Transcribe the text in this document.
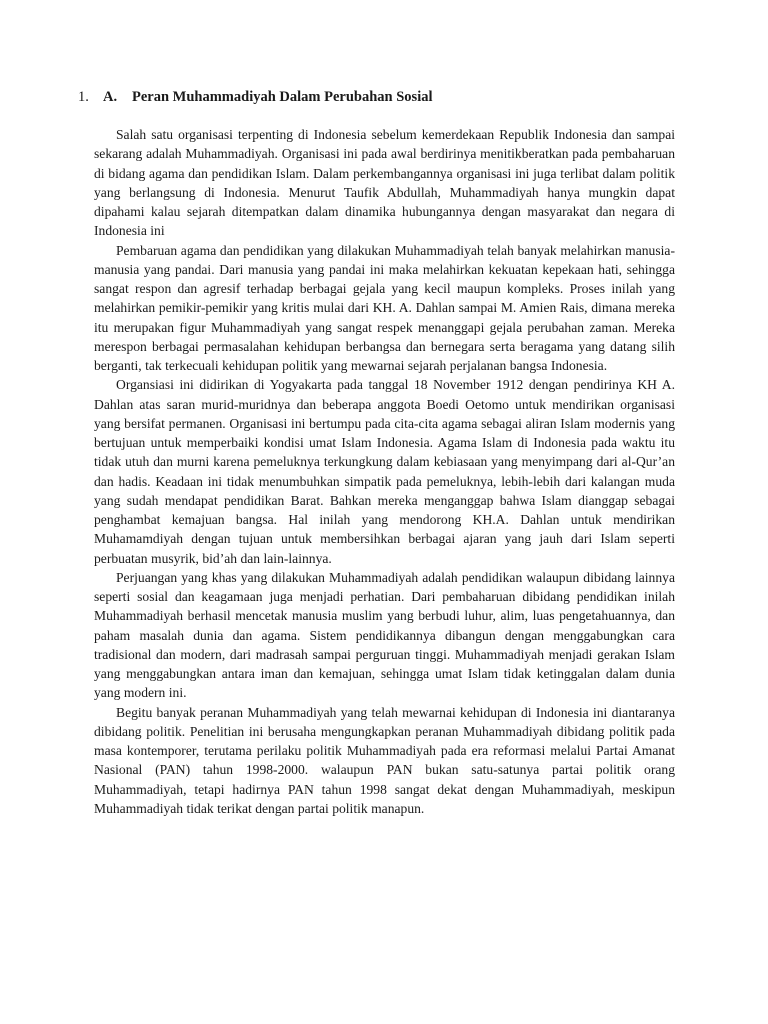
1. A. Peran Muhammadiyah Dalam Perubahan Sosial

Salah satu organisasi terpenting di Indonesia sebelum kemerdekaan Republik Indonesia dan sampai sekarang adalah Muhammadiyah. Organisasi ini pada awal berdirinya menitikberatkan pada pembaharuan di bidang agama dan pendidikan Islam. Dalam perkembangannya organisasi ini juga terlibat dalam politik yang berlangsung di Indonesia. Menurut Taufik Abdullah, Muhammadiyah hanya mungkin dapat dipahami kalau sejarah ditempatkan dalam dinamika hubungannya dengan masyarakat dan negara di Indonesia ini

Pembaruan agama dan pendidikan yang dilakukan Muhammadiyah telah banyak melahirkan manusia-manusia yang pandai. Dari manusia yang pandai ini maka melahirkan kekuatan kepekaan hati, sehingga sangat respon dan agresif terhadap berbagai gejala yang kecil maupun kompleks. Proses inilah yang melahirkan pemikir-pemikir yang kritis mulai dari KH. A. Dahlan sampai M. Amien Rais, dimana mereka itu merupakan figur Muhammadiyah yang sangat respek menanggapi gejala perubahan zaman. Mereka merespon berbagai permasalahan kehidupan berbangsa dan bernegara serta beragama yang datang silih berganti, tak terkecuali kehidupan politik yang mewarnai sejarah perjalanan bangsa Indonesia.

Organsiasi ini didirikan di Yogyakarta pada tanggal 18 November 1912 dengan pendirinya KH A. Dahlan atas saran murid-muridnya dan beberapa anggota Boedi Oetomo untuk mendirikan organisasi yang bersifat permanen. Organisasi ini bertumpu pada cita-cita agama sebagai aliran Islam modernis yang bertujuan untuk memperbaiki kondisi umat Islam Indonesia. Agama Islam di Indonesia pada waktu itu tidak utuh dan murni karena pemeluknya terkungkung dalam kebiasaan yang menyimpang dari al-Qur’an dan hadis. Keadaan ini tidak menumbuhkan simpatik pada pemeluknya, lebih-lebih dari kalangan muda yang sudah mendapat pendidikan Barat. Bahkan mereka menganggap bahwa Islam dianggap sebagai penghambat kemajuan bangsa. Hal inilah yang mendorong KH.A. Dahlan untuk mendirikan Muhamamdiyah dengan tujuan untuk membersihkan berbagai ajaran yang jauh dari Islam seperti perbuatan musyrik, bid’ah dan lain-lainnya.

Perjuangan yang khas yang dilakukan Muhammadiyah adalah pendidikan walaupun dibidang lainnya seperti sosial dan keagamaan juga menjadi perhatian. Dari pembaharuan dibidang pendidikan inilah Muhammadiyah berhasil mencetak manusia muslim yang berbudi luhur, alim, luas pengetahuannya, dan paham masalah dunia dan agama. Sistem pendidikannya dibangun dengan menggabungkan cara tradisional dan modern, dari madrasah sampai perguruan tinggi. Muhammadiyah menjadi gerakan Islam yang menggabungkan antara iman dan kemajuan, sehingga umat Islam tidak ketinggalan dalam dunia yang modern ini.

Begitu banyak peranan Muhammadiyah yang telah mewarnai kehidupan di Indonesia ini diantaranya dibidang politik. Penelitian ini berusaha mengungkapkan peranan Muhammadiyah dibidang politik pada masa kontemporer, terutama perilaku politik Muhammadiyah pada era reformasi melalui Partai Amanat Nasional (PAN) tahun 1998-2000. walaupun PAN bukan satu-satunya partai politik orang Muhammadiyah, tetapi hadirnya PAN tahun 1998 sangat dekat dengan Muhammadiyah, meskipun Muhammadiyah tidak terikat dengan partai politik manapun.
